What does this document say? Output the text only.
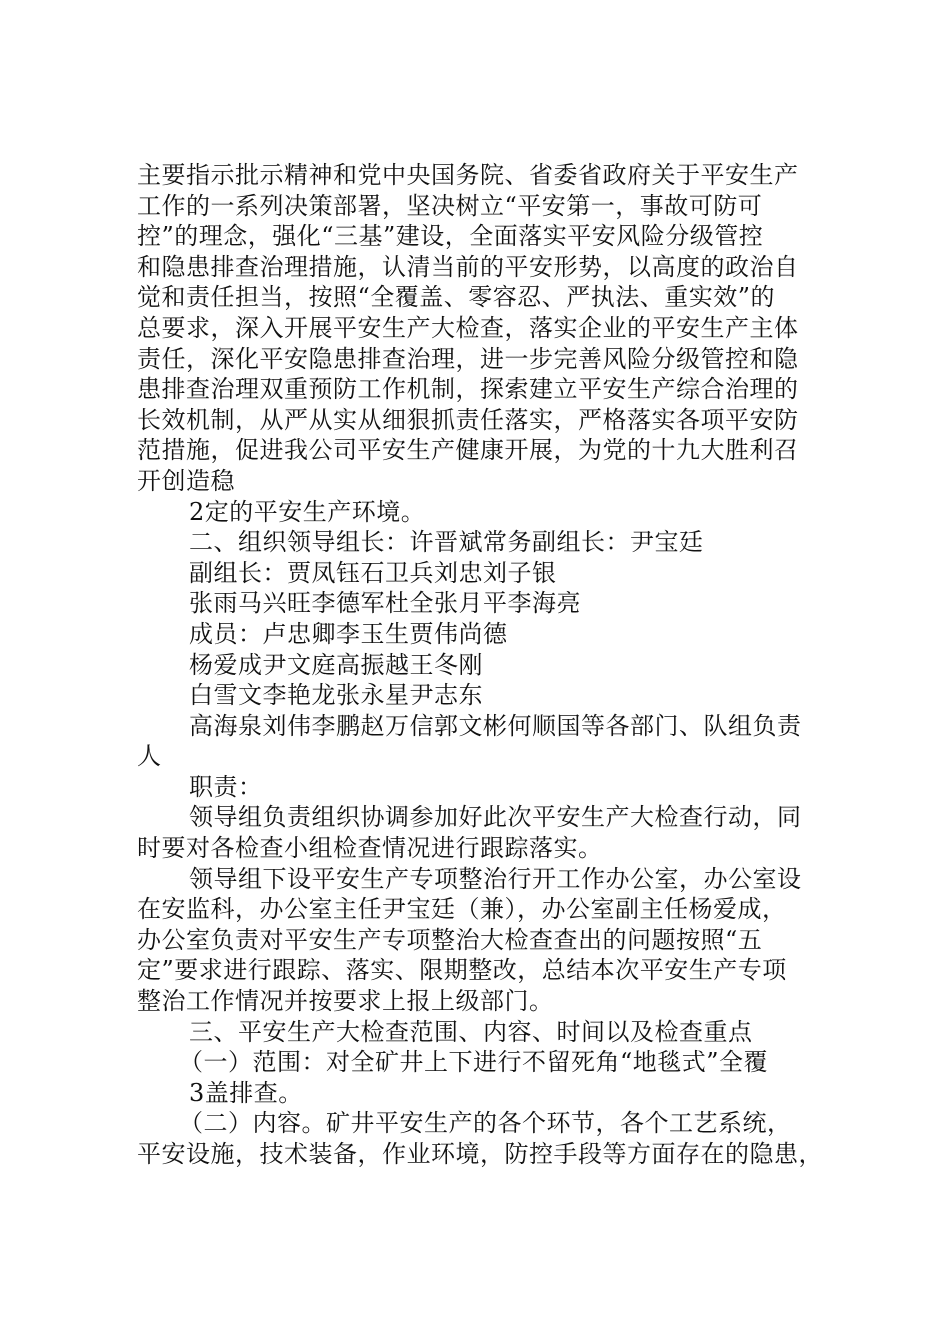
主要指示批示精神和党中央国务院、省委省政府关于平安生产
工作的一系列决策部署，坚决树立“平安第一，事故可防可
控”的理念，强化“三基”建设，全面落实平安风险分级管控
和隐患排查治理措施，认清当前的平安形势，以高度的政治自
觉和责任担当，按照“全覆盖、零容忍、严执法、重实效”的
总要求，深入开展平安生产大检查，落实企业的平安生产主体
责任，深化平安隐患排查治理，进一步完善风险分级管控和隐
患排查治理双重预防工作机制，探索建立平安生产综合治理的
长效机制，从严从实从细狠抓责任落实，严格落实各项平安防
范措施，促进我公司平安生产健康开展，为党的十九大胜利召
开创造稳
2定的平安生产环境。
二、组织领导组长：许晋斌常务副组长：尹宝廷
副组长：贾凤钰石卫兵刘忠刘子银
张雨马兴旺李德军杜全张月平李海亮
成员：卢忠卿李玉生贾伟尚德
杨爱成尹文庭高振越王冬刚
白雪文李艳龙张永星尹志东
高海泉刘伟李鹏赵万信郭文彬何顺国等各部门、队组负责
人
职责：
领导组负责组织协调参加好此次平安生产大检查行动，同
时要对各检查小组检查情况进行跟踪落实。
领导组下设平安生产专项整治行开工作办公室，办公室设
在安监科，办公室主任尹宝廷（兼），办公室副主任杨爱成，
办公室负责对平安生产专项整治大检查查出的问题按照“五
定”要求进行跟踪、落实、限期整改，总结本次平安生产专项
整治工作情况并按要求上报上级部门。
三、平安生产大检查范围、内容、时间以及检查重点
（一）范围：对全矿井上下进行不留死角“地毯式”全覆
3盖排查。
（二）内容。矿井平安生产的各个环节，各个工艺系统，
平安设施，技术装备，作业环境，防控手段等方面存在的隐患，
